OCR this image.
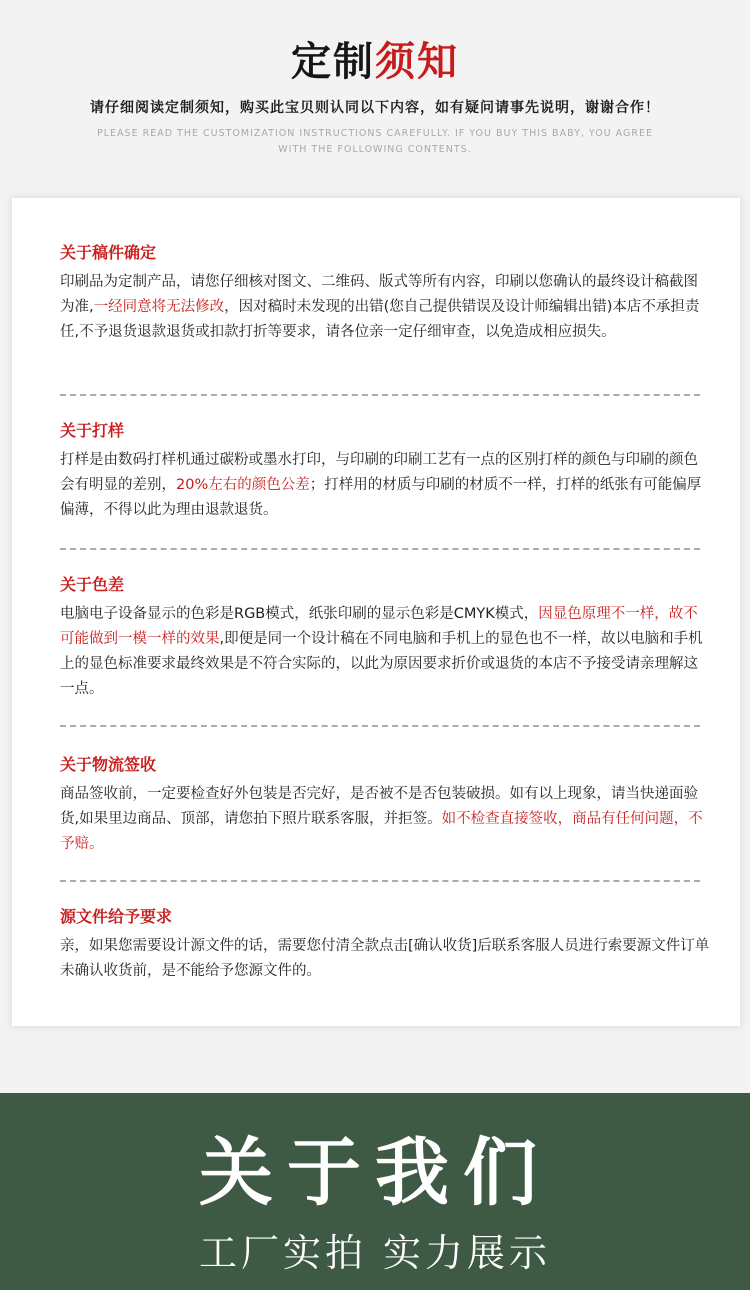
定制须知
请仔细阅读定制须知，购买此宝贝则认同以下内容，如有疑问请事先说明，谢谢合作！
PLEASE READ THE CUSTOMIZATION INSTRUCTIONS CAREFULLY. IF YOU BUY THIS BABY, YOU AGREE WITH THE FOLLOWING CONTENTS.
关于稿件确定

印刷品为定制产品，请您仔细核对图文、二维码、版式等所有内容，印刷以您确认的最终设计稿截图为准,一经同意将无法修改，因对稿时未发现的出错(您自己提供错误及设计师编辑出错)本店不承担责任,不予退货退款退货或扣款打折等要求，请各位亲一定仔细审查，以免造成相应损失。

关于打样

打样是由数码打样机通过碳粉或墨水打印，与印刷的印刷工艺有一点的区别打样的颜色与印刷的颜色会有明显的差别，20%左右的颜色公差；打样用的材质与印刷的材质不一样，打样的纸张有可能偏厚偏薄，不得以此为理由退款退货。

关于色差

电脑电子设备显示的色彩是RGB模式，纸张印刷的显示色彩是CMYK模式，因显色原理不一样，故不可能做到一模一样的效果,即便是同一个设计稿在不同电脑和手机上的显色也不一样，故以电脑和手机上的显色标准要求最终效果是不符合实际的，以此为原因要求折价或退货的本店不予接受请亲理解这一点。

关于物流签收

商品签收前，一定要检查好外包装是否完好，是否被不是否包装破损。如有以上现象，请当快递面验货,如果里边商品、顶部，请您拍下照片联系客服，并拒签。如不检查直接签收，商品有任何问题，不予赔。

源文件给予要求

亲，如果您需要设计源文件的话，需要您付清全款点击[确认收货]后联系客服人员进行索要源文件订单未确认收货前，是不能给予您源文件的。

关于我们
工厂实拍 实力展示
